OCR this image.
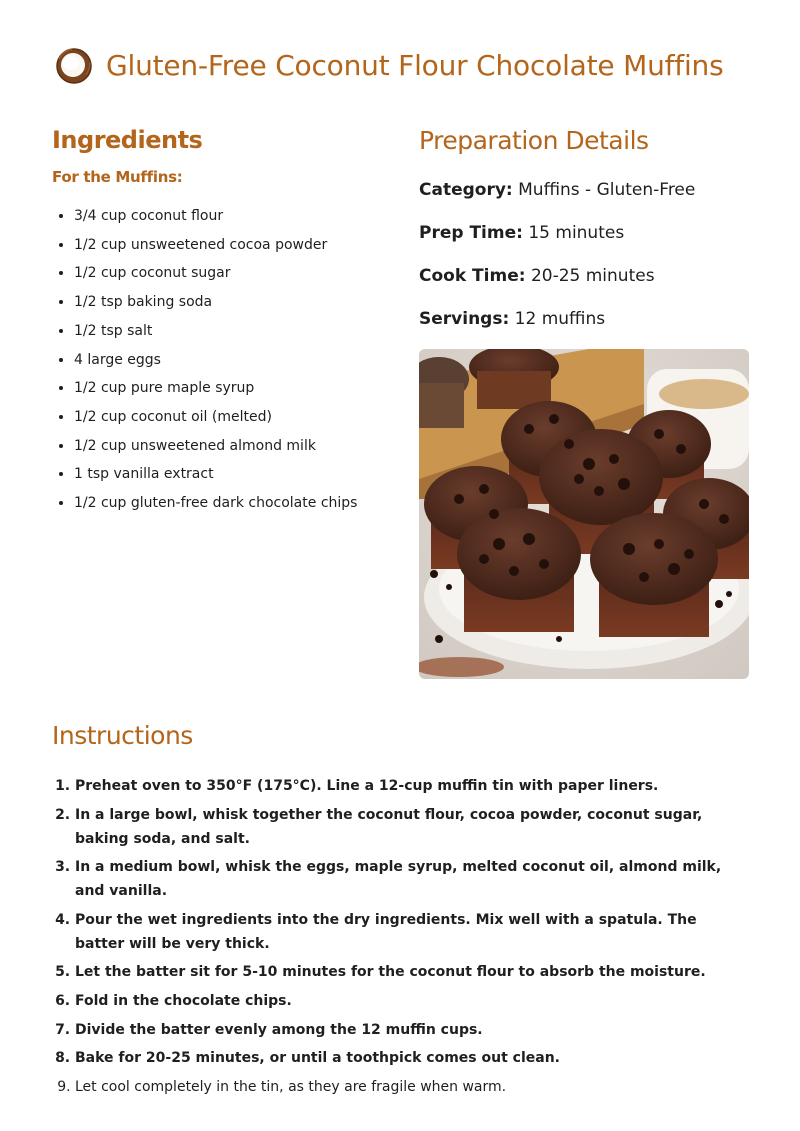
Gluten-Free Coconut Flour Chocolate Muffins
Ingredients
For the Muffins:
• 3/4 cup coconut flour
• 1/2 cup unsweetened cocoa powder
• 1/2 cup coconut sugar
• 1/2 tsp baking soda
• 1/2 tsp salt
• 4 large eggs
• 1/2 cup pure maple syrup
• 1/2 cup coconut oil (melted)
• 1/2 cup unsweetened almond milk
• 1 tsp vanilla extract
• 1/2 cup gluten-free dark chocolate chips
Preparation Details
Category: Muffins - Gluten-Free
Prep Time: 15 minutes
Cook Time: 20-25 minutes
Servings: 12 muffins
Instructions
1. Preheat oven to 350°F (175°C). Line a 12-cup muffin tin with paper liners.
2. In a large bowl, whisk together the coconut flour, cocoa powder, coconut sugar, baking soda, and salt.
3. In a medium bowl, whisk the eggs, maple syrup, melted coconut oil, almond milk, and vanilla.
4. Pour the wet ingredients into the dry ingredients. Mix well with a spatula. The batter will be very thick.
5. Let the batter sit for 5-10 minutes for the coconut flour to absorb the moisture.
6. Fold in the chocolate chips.
7. Divide the batter evenly among the 12 muffin cups.
8. Bake for 20-25 minutes, or until a toothpick comes out clean.
9. Let cool completely in the tin, as they are fragile when warm.
